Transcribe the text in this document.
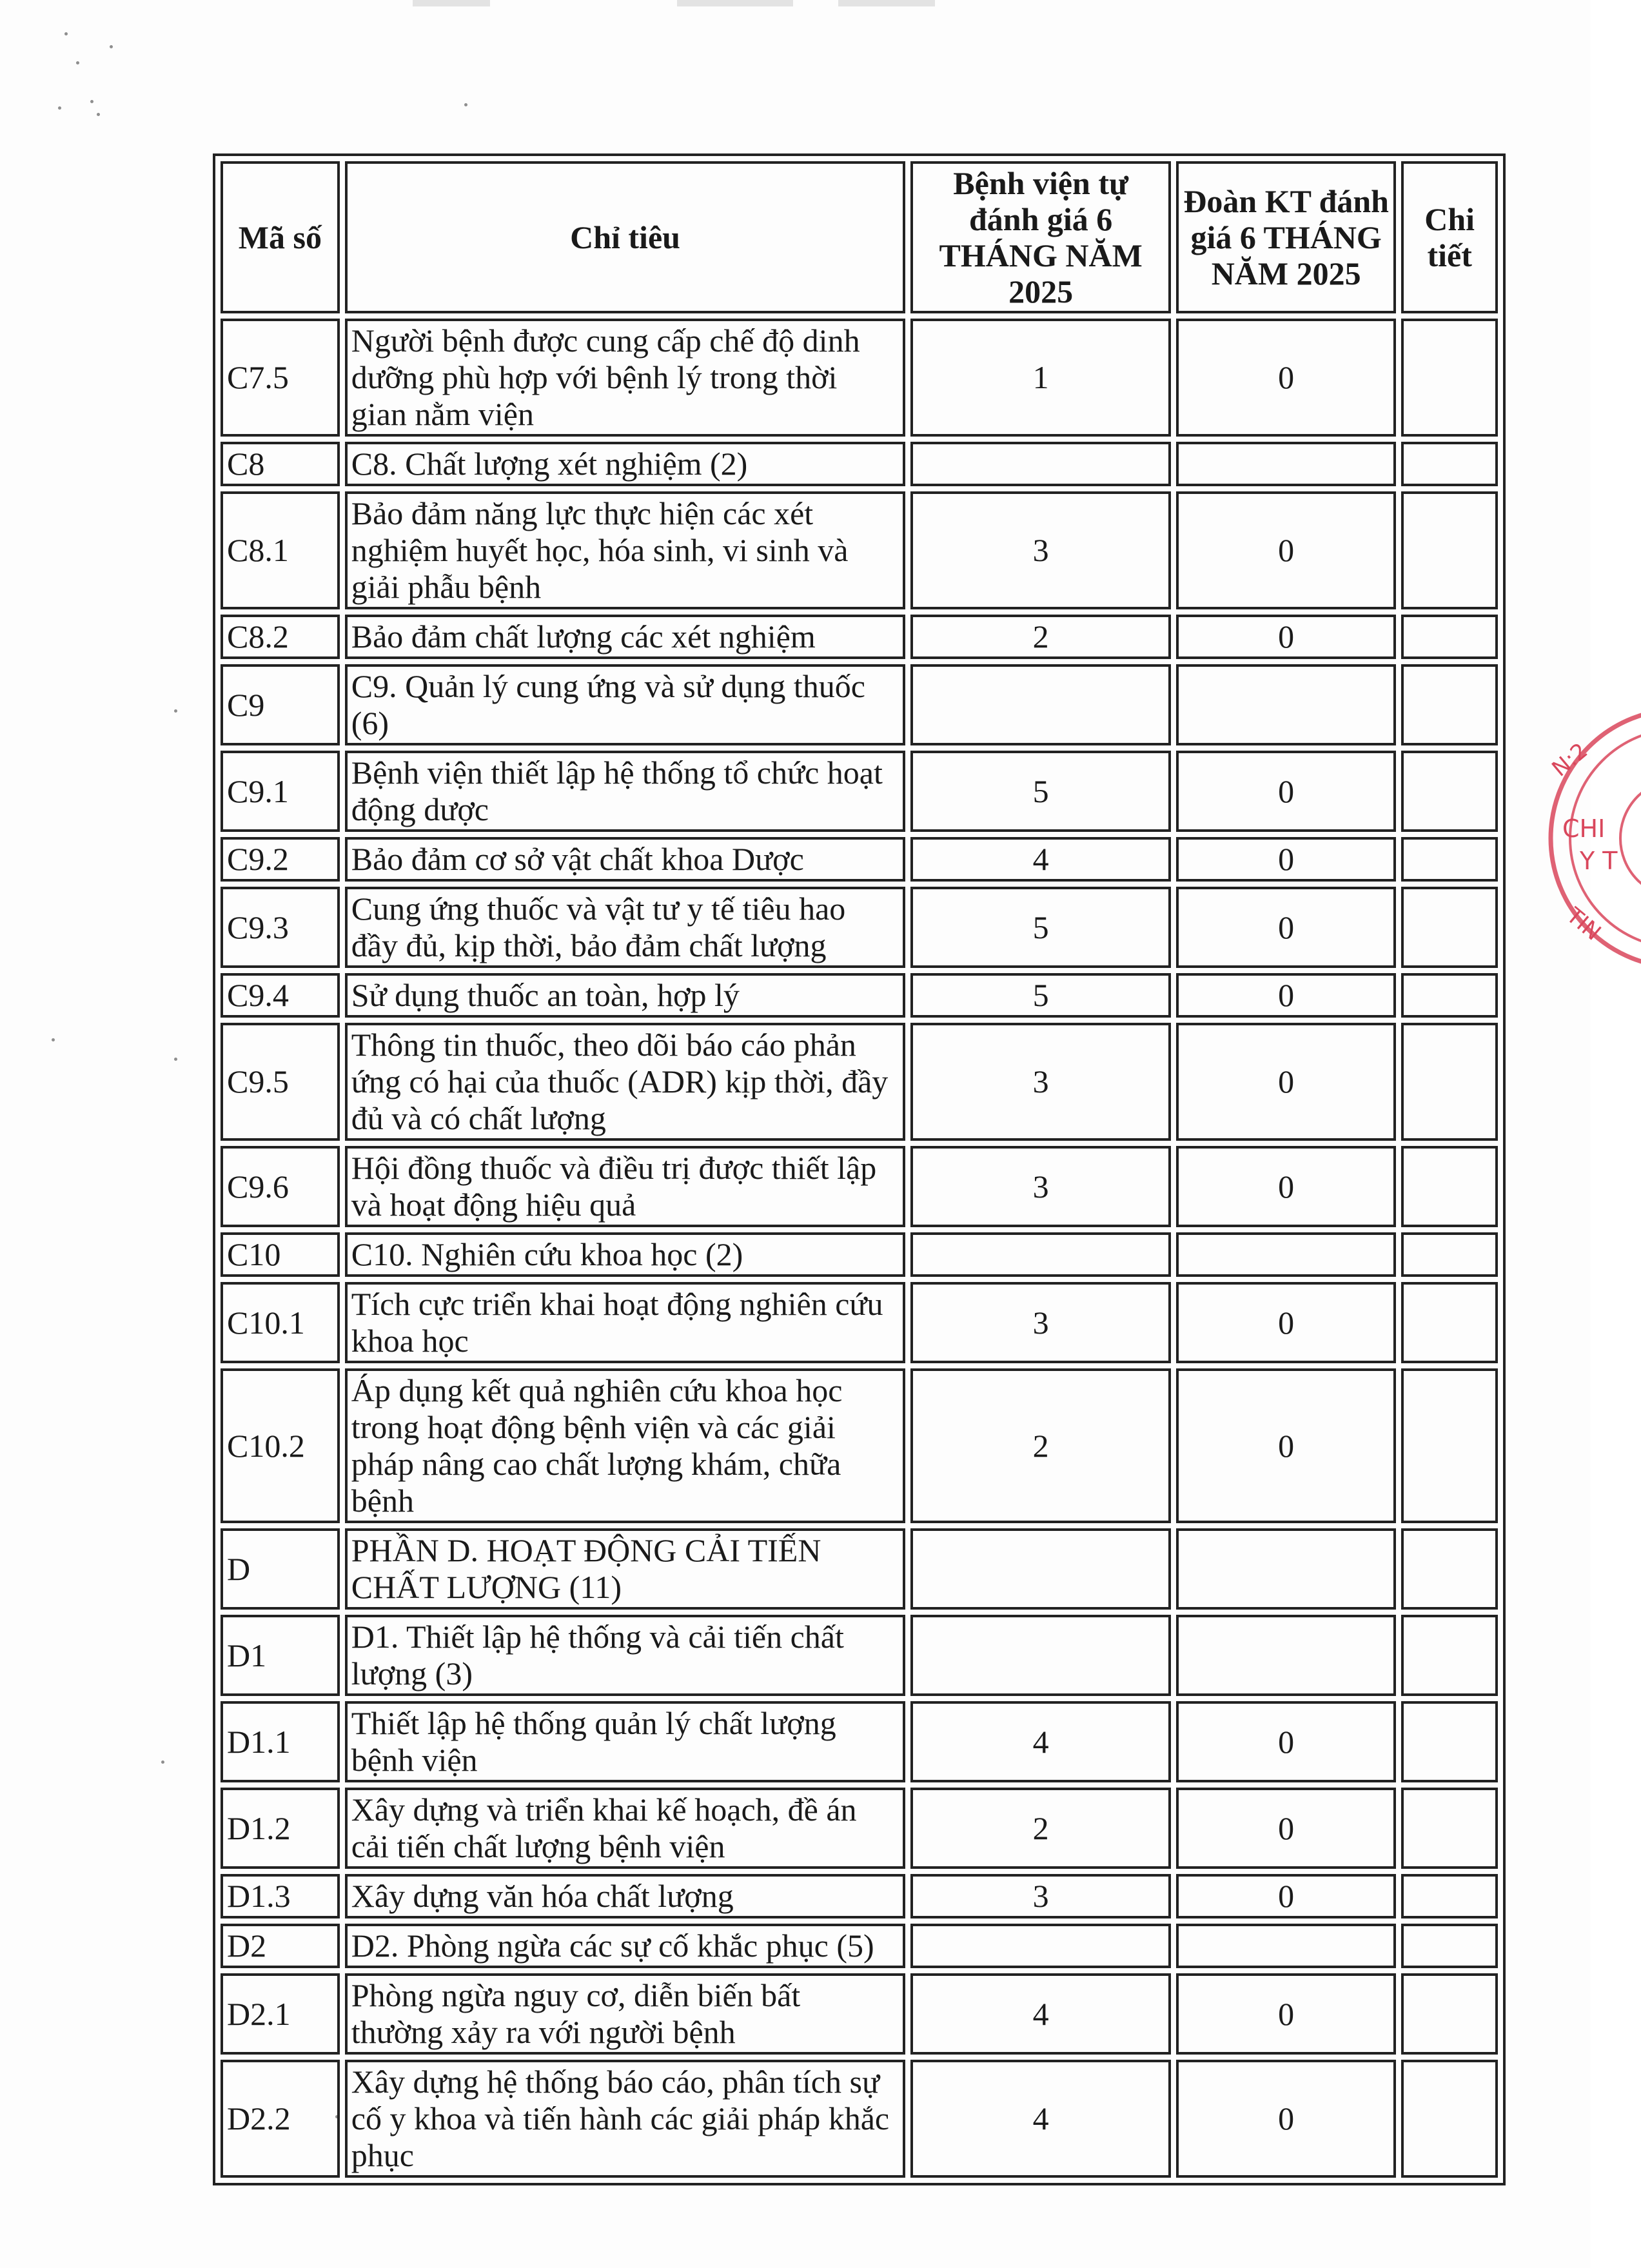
Mã số	Chỉ tiêu	Bệnh viện tự đánh giá 6 THÁNG NĂM 2025	Đoàn KT đánh giá 6 THÁNG NĂM 2025	Chi tiết
C7.5	Người bệnh được cung cấp chế độ dinh dưỡng phù hợp với bệnh lý trong thời gian nằm viện	1	0	
C8	C8. Chất lượng xét nghiệm (2)			
C8.1	Bảo đảm năng lực thực hiện các xét nghiệm huyết học, hóa sinh, vi sinh và giải phẫu bệnh	3	0	
C8.2	Bảo đảm chất lượng các xét nghiệm	2	0	
C9	C9. Quản lý cung ứng và sử dụng thuốc (6)			
C9.1	Bệnh viện thiết lập hệ thống tổ chức hoạt động dược	5	0	
C9.2	Bảo đảm cơ sở vật chất khoa Dược	4	0	
C9.3	Cung ứng thuốc và vật tư y tế tiêu hao đầy đủ, kịp thời, bảo đảm chất lượng	5	0	
C9.4	Sử dụng thuốc an toàn, hợp lý	5	0	
C9.5	Thông tin thuốc, theo dõi báo cáo phản ứng có hại của thuốc (ADR) kịp thời, đầy đủ và có chất lượng	3	0	
C9.6	Hội đồng thuốc và điều trị được thiết lập và hoạt động hiệu quả	3	0	
C10	C10. Nghiên cứu khoa học (2)			
C10.1	Tích cực triển khai hoạt động nghiên cứu khoa học	3	0	
C10.2	Áp dụng kết quả nghiên cứu khoa học trong hoạt động bệnh viện và các giải pháp nâng cao chất lượng khám, chữa bệnh	2	0	
D	PHẦN D. HOẠT ĐỘNG CẢI TIẾN CHẤT LƯỢNG (11)			
D1	D1. Thiết lập hệ thống và cải tiến chất lượng (3)			
D1.1	Thiết lập hệ thống quản lý chất lượng bệnh viện	4	0	
D1.2	Xây dựng và triển khai kế hoạch, đề án cải tiến chất lượng bệnh viện	2	0	
D1.3	Xây dựng văn hóa chất lượng	3	0	
D2	D2. Phòng ngừa các sự cố khắc phục (5)			
D2.1	Phòng ngừa nguy cơ, diễn biến bất thường xảy ra với người bệnh	4	0	
D2.2	Xây dựng hệ thống báo cáo, phân tích sự cố y khoa và tiến hành các giải pháp khắc phục	4	0	
N:2
CHI
Y T
TIN
